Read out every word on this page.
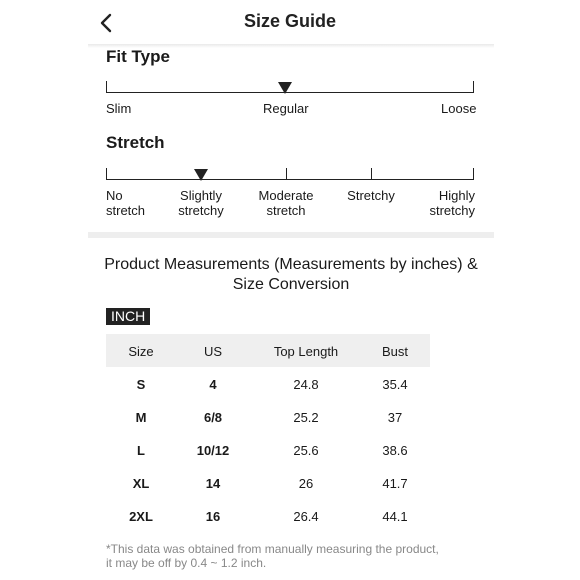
Size Guide
Fit Type
Slim	Regular	Loose
Stretch
No
stretch
Slightly
stretchy
Moderate
stretch
Stretchy	Highly
stretchy
Product Measurements (Measurements by inches) & Size Conversion
INCH
Size	US	Top Length	Bust
S	4	24.8	35.4
M	6/8	25.2	37
L	10/12	25.6	38.6
XL	14	26	41.7
2XL	16	26.4	44.1
*This data was obtained from manually measuring the product,
it may be off by 0.4 ~ 1.2 inch.
